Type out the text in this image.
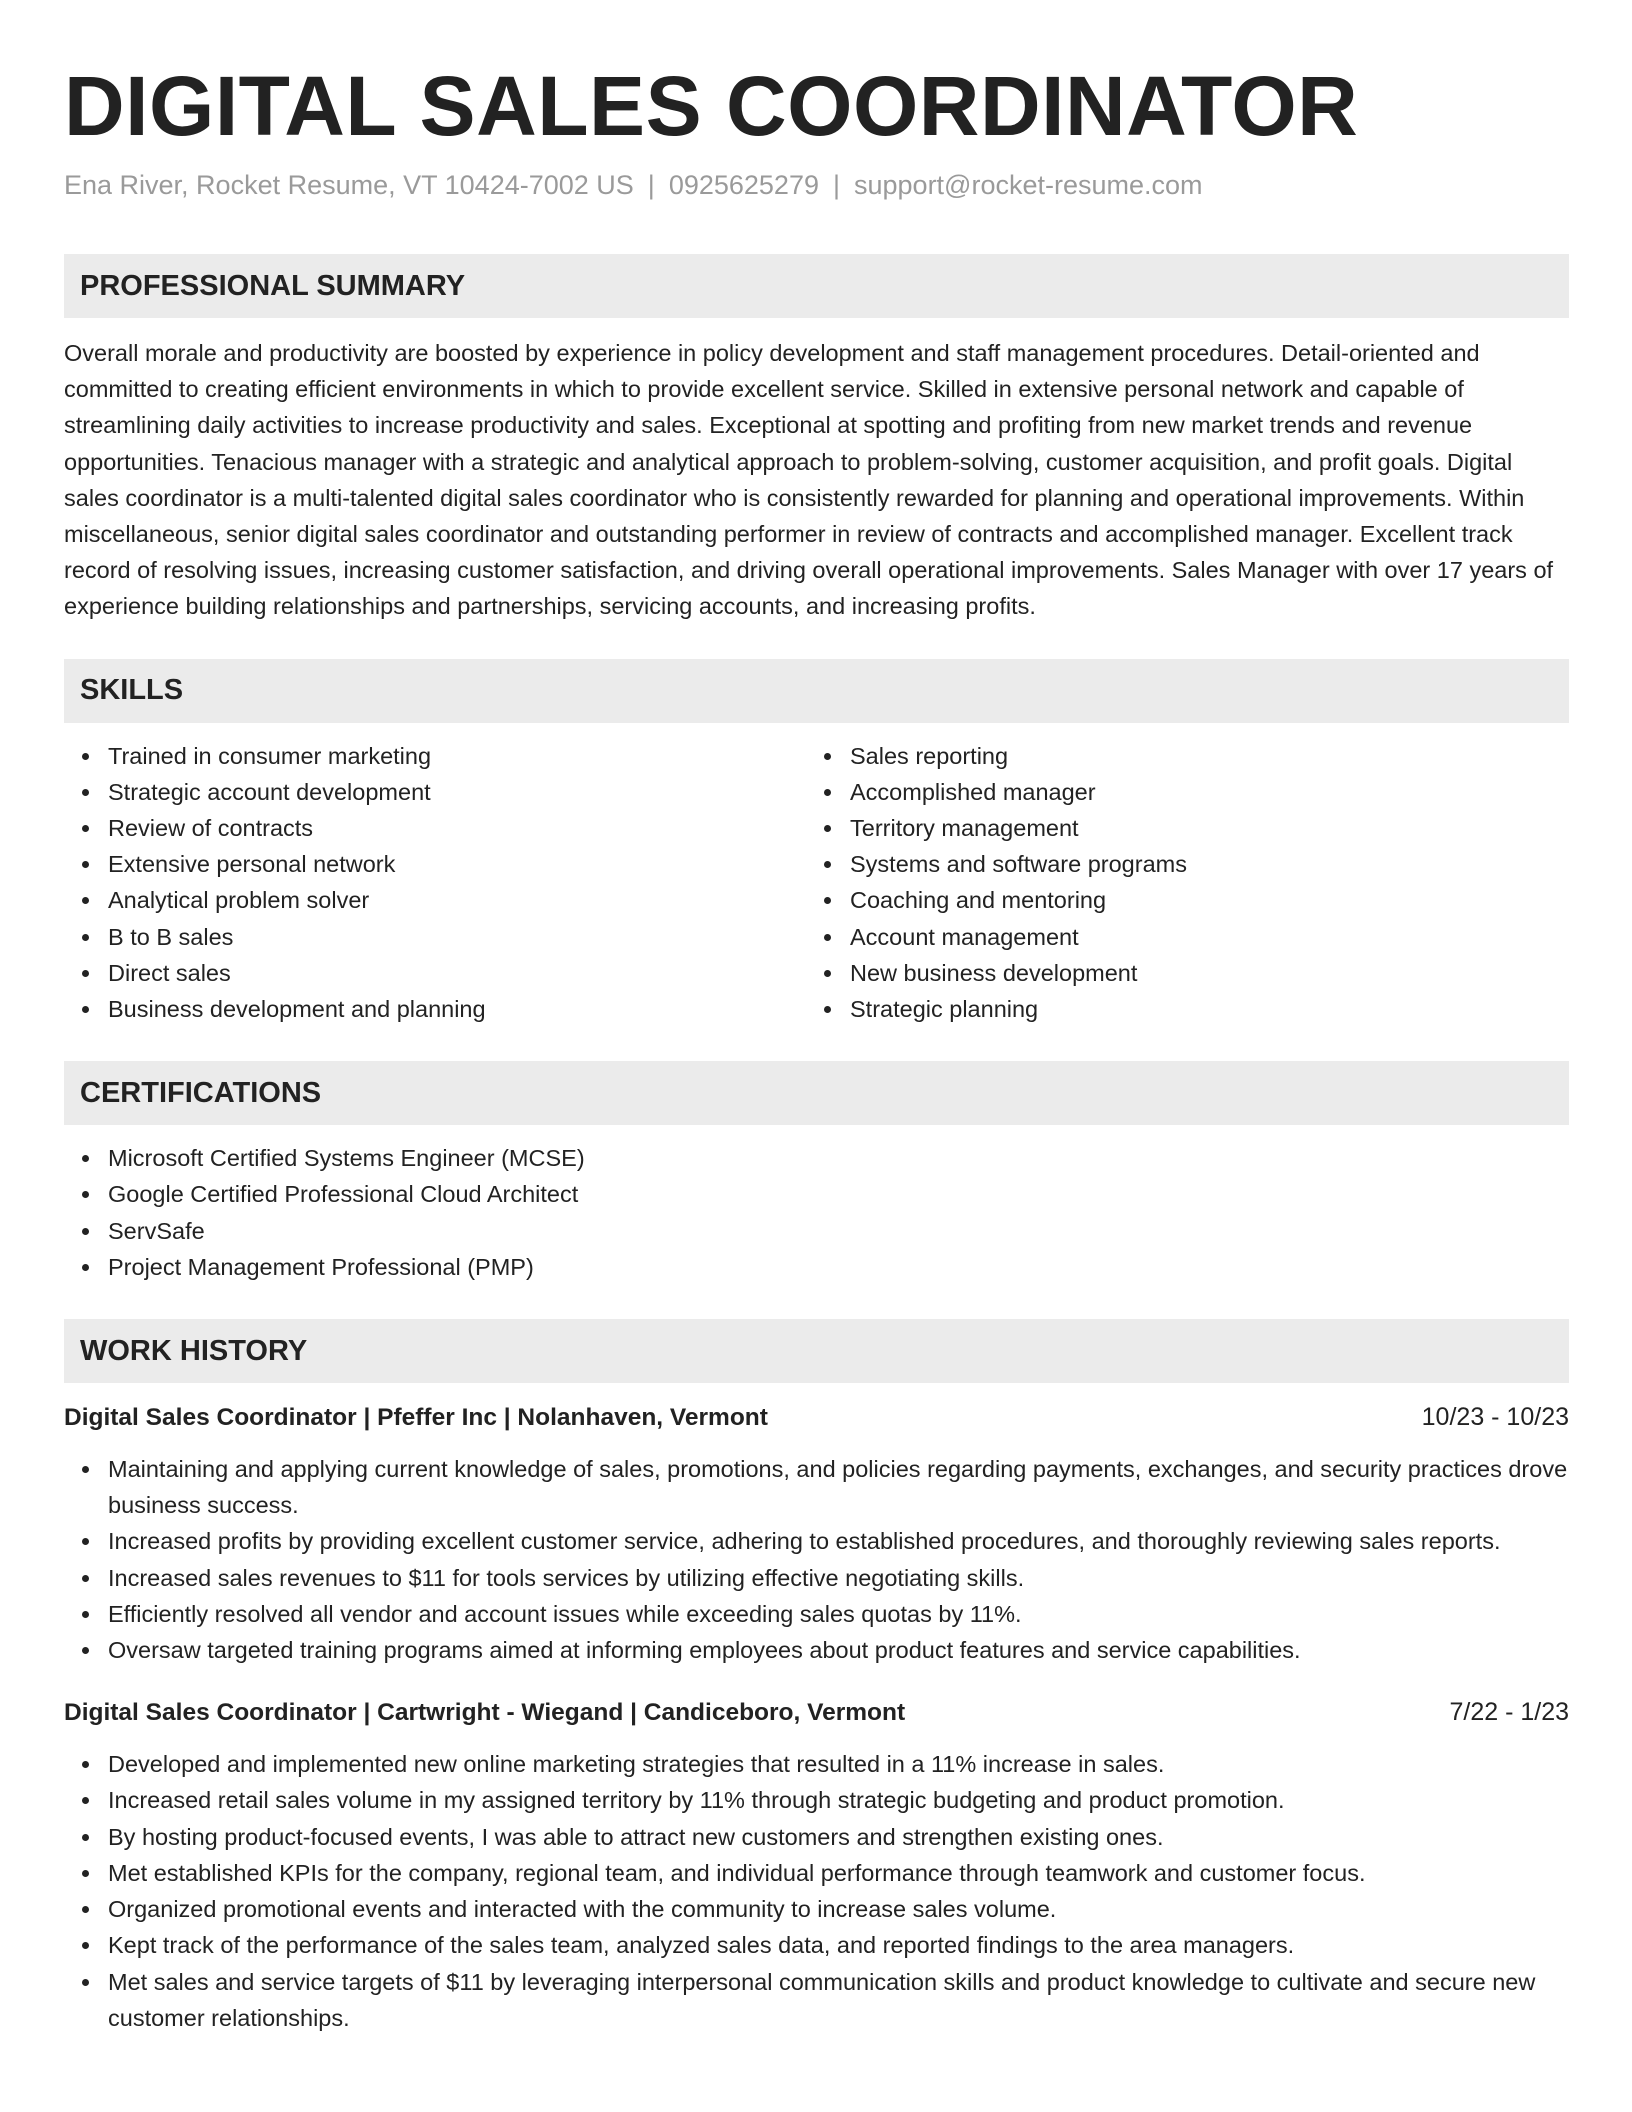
DIGITAL SALES COORDINATOR
Ena River, Rocket Resume, VT 10424-7002 US | 0925625279 | support@rocket-resume.com
PROFESSIONAL SUMMARY

Overall morale and productivity are boosted by experience in policy development and staff management procedures. Detail-oriented and committed to creating efficient environments in which to provide excellent service. Skilled in extensive personal network and capable of streamlining daily activities to increase productivity and sales. Exceptional at spotting and profiting from new market trends and revenue opportunities. Tenacious manager with a strategic and analytical approach to problem-solving, customer acquisition, and profit goals. Digital sales coordinator is a multi-talented digital sales coordinator who is consistently rewarded for planning and operational improvements. Within miscellaneous, senior digital sales coordinator and outstanding performer in review of contracts and accomplished manager. Excellent track record of resolving issues, increasing customer satisfaction, and driving overall operational improvements. Sales Manager with over 17 years of experience building relationships and partnerships, servicing accounts, and increasing profits.

SKILLS
Trained in consumer marketing
Strategic account development
Review of contracts
Extensive personal network
Analytical problem solver
B to B sales
Direct sales
Business development and planning
Sales reporting
Accomplished manager
Territory management
Systems and software programs
Coaching and mentoring
Account management
New business development
Strategic planning
CERTIFICATIONS
Microsoft Certified Systems Engineer (MCSE)
Google Certified Professional Cloud Architect
ServSafe
Project Management Professional (PMP)
WORK HISTORY
Digital Sales Coordinator | Pfeffer Inc | Nolanhaven, Vermont	10/23 - 10/23
Maintaining and applying current knowledge of sales, promotions, and policies regarding payments, exchanges, and security practices drove business success.
Increased profits by providing excellent customer service, adhering to established procedures, and thoroughly reviewing sales reports.
Increased sales revenues to $11 for tools services by utilizing effective negotiating skills.
Efficiently resolved all vendor and account issues while exceeding sales quotas by 11%.
Oversaw targeted training programs aimed at informing employees about product features and service capabilities.
Digital Sales Coordinator | Cartwright - Wiegand | Candiceboro, Vermont	7/22 - 1/23
Developed and implemented new online marketing strategies that resulted in a 11% increase in sales.
Increased retail sales volume in my assigned territory by 11% through strategic budgeting and product promotion.
By hosting product-focused events, I was able to attract new customers and strengthen existing ones.
Met established KPIs for the company, regional team, and individual performance through teamwork and customer focus.
Organized promotional events and interacted with the community to increase sales volume.
Kept track of the performance of the sales team, analyzed sales data, and reported findings to the area managers.
Met sales and service targets of $11 by leveraging interpersonal communication skills and product knowledge to cultivate and secure new customer relationships.
